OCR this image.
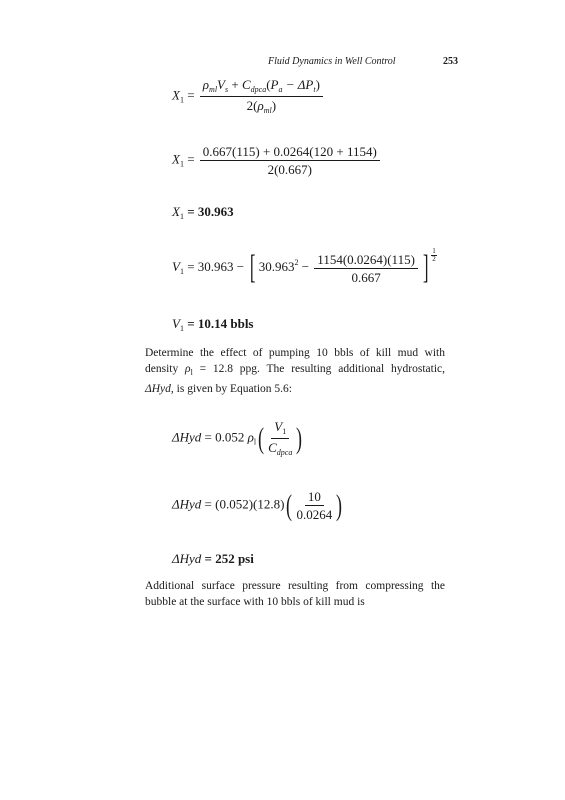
Fluid Dynamics in Well Control	253
$X_1 = \frac{\rho_{ml}V_s + C_{dpca}(P_a - \Delta P_t)}{2(\rho_{ml})}$
$X_1 = \frac{0.667(115) + 0.0264(120 + 1154)}{2(0.667)}$
$X_1 = 30.963$
$V_1 = 30.963$ − [ $30.963^2 - \frac{1154(0.0264)(115)}{0.667}$ ] $\frac{1}{2}$
$V_1 = 10.14$ bbls
Determine the effect of pumping 10 bbls of kill mud with density $\rho_l = 12.8$ ppg. The resulting additional hydrostatic, ΔHyd, is given by Equation 5.6:
ΔHyd = 0.052 $\rho_l( \frac{V_1}{C_{dpca}}$ )
$\Delta Hyd = (0.052)(12.8)( \frac{10}{0.0264}$ )
ΔHyd = 252 psi
Additional surface pressure resulting from compressing the bubble at the surface with 10 bbls of kill mud is
